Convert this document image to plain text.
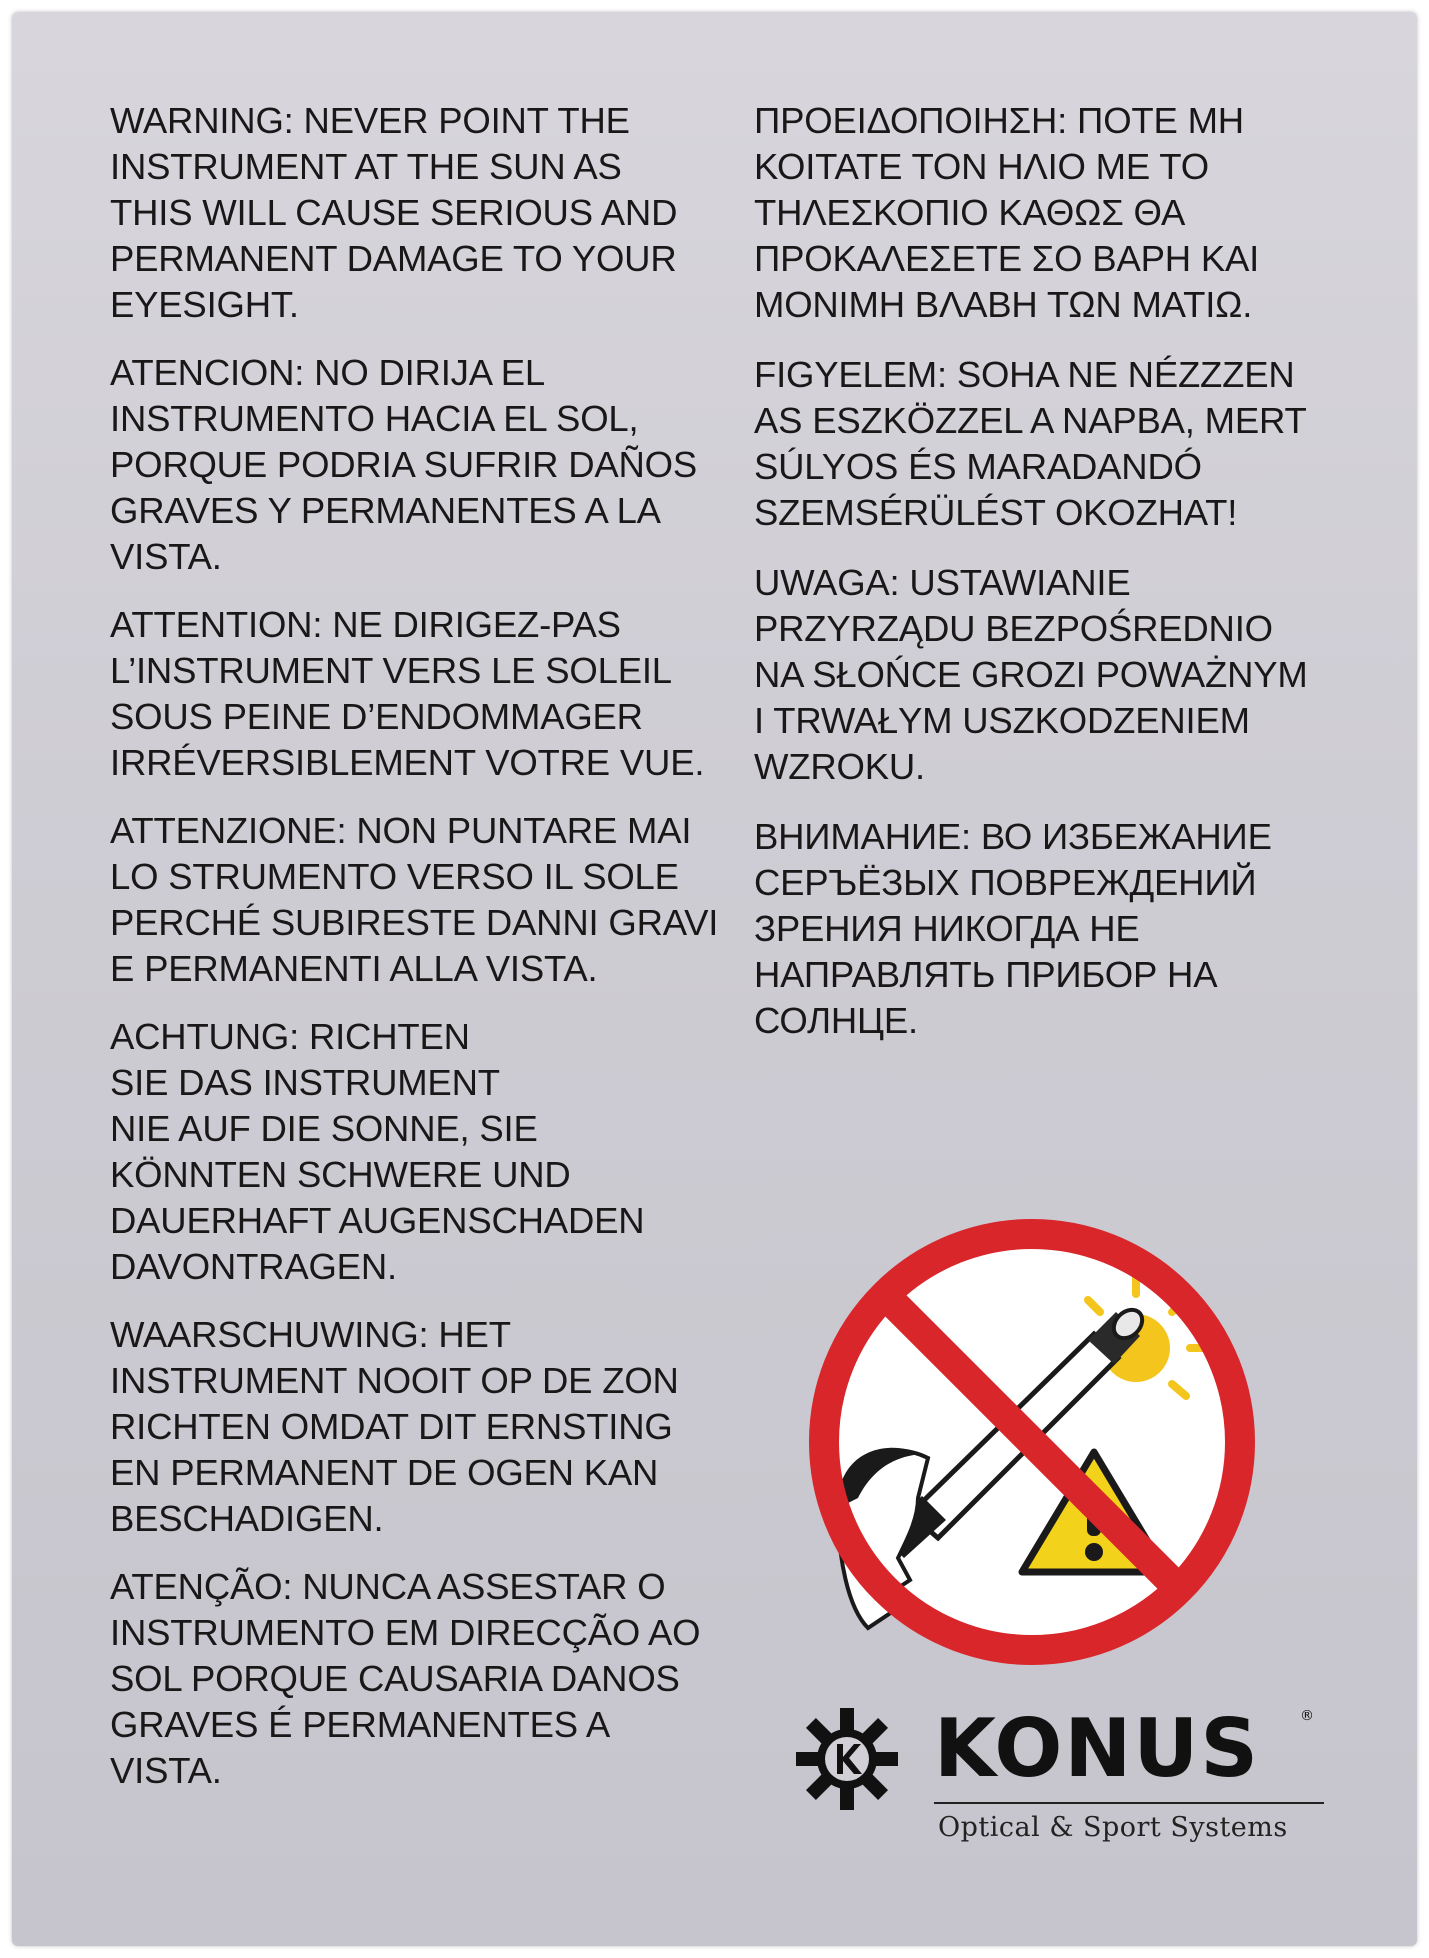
WARNING: NEVER POINT THE
INSTRUMENT AT THE SUN AS
THIS WILL CAUSE SERIOUS AND
PERMANENT DAMAGE TO YOUR
EYESIGHT.

ATENCION: NO DIRIJA EL
INSTRUMENTO HACIA EL SOL,
PORQUE PODRIA SUFRIR DAÑOS
GRAVES Y PERMANENTES A LA
VISTA.

ATTENTION: NE DIRIGEZ-PAS
L’INSTRUMENT VERS LE SOLEIL
SOUS PEINE D’ENDOMMAGER
IRRÉVERSIBLEMENT VOTRE VUE.

ATTENZIONE: NON PUNTARE MAI
LO STRUMENTO VERSO IL SOLE
PERCHÉ SUBIRESTE DANNI GRAVI
E PERMANENTI ALLA VISTA.

ACHTUNG: RICHTEN
SIE DAS INSTRUMENT
NIE AUF DIE SONNE, SIE
KÖNNTEN SCHWERE UND
DAUERHAFT AUGENSCHADEN
DAVONTRAGEN.

WAARSCHUWING: HET
INSTRUMENT NOOIT OP DE ZON
RICHTEN OMDAT DIT ERNSTING
EN PERMANENT DE OGEN KAN
BESCHADIGEN.

ATENÇÃO: NUNCA ASSESTAR O
INSTRUMENTO EM DIRECÇÃO AO
SOL PORQUE CAUSARIA DANOS
GRAVES É PERMANENTES A VISTA.

ΠΡΟΕΙΔΟΠΟΙΗΣΗ: ΠΟΤΕ ΜΗ
ΚΟΙΤΑΤΕ ΤΟΝ ΗΛΙΟ ΜΕ ΤΟ
ΤΗΛΕΣΚΟΠΙΟ ΚΑΘΩΣ ΘΑ
ΠΡΟΚΑΛΕΣΕΤΕ ΣΟ ΒΑΡΗ ΚΑΙ
ΜΟΝΙΜΗ ΒΛΑΒΗ ΤΩΝ ΜΑΤΙΩ.

FIGYELEM: SOHA NE NÉZZZEN
AS ESZKÖZZEL A NAPBA, MERT
SÚLYOS ÉS MARADANDÓ
SZEMSÉRÜLÉST OKOZHAT!

UWAGA: USTAWIANIE
PRZYRZĄDU BEZPOŚREDNIO
NA SŁOŃCE GROZI POWAŻNYM
I TRWAŁYM USZKODZENIEM
WZROKU.

ВНИМАНИЕ: ВО ИЗБЕЖАНИЕ
СЕРЪЁЗЫХ ПОВРЕЖДЕНИЙ
ЗРЕНИЯ НИКОГДА НЕ
НАПРАВЛЯТЬ ПРИБОР НА
СОЛНЦЕ.

KONUS	®
Optical & Sport Systems
